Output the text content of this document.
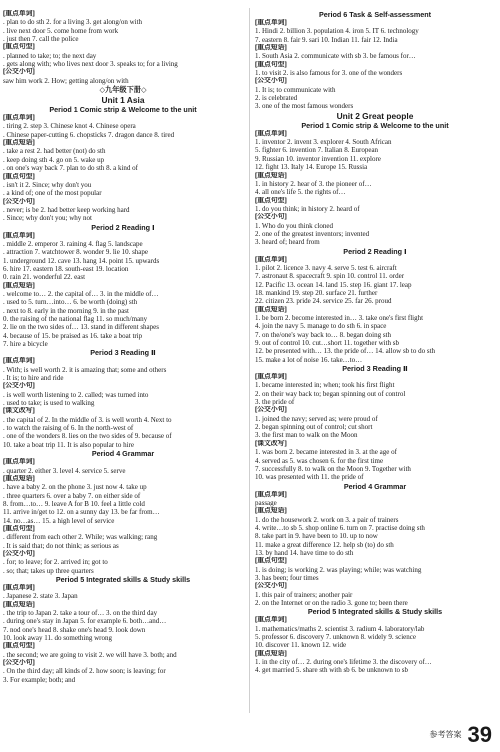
[重点单词]
. plan to do sth 2. for a living 3. get along/on with
. live next door 5. come home from work
. just then 7. call the police
[重点句型]
. planned to take; to; the next day
. gets along with; who lives next door 3. speaks to; for a living
[公交小句]
saw him work 2. How; getting along/on with
◇九年级下册◇
Unit 1 Asia
Period 1 Comic strip & Welcome to the unit
[重点单词]
. tiring 2. step 3. Chinese knot 4. Chinese opera
. Chinese paper-cutting 6. chopsticks 7. dragon dance 8. tired
[重点短语]
. take a rest 2. had better (not) do sth
. keep doing sth 4. go on 5. wake up
. on one's way back 7. plan to do sth 8. a kind of
[重点句型]
. isn't it 2. Since; why don't you
. a kind of; one of the most popular
[公交小句]
. never; is be 2. had better keep working hard
. Since; why don't you; why not
Period 2 Reading Ⅰ
[重点单词]
. middle 2. emperor 3. raining 4. flag 5. landscape
. attraction 7. watchtower 8. wonder 9. lie 10. shape
1. underground 12. cave 13. hang 14. point 15. upwards
6. hire 17. eastern 18. south-east 19. location
0. rain 21. wonderful 22. east
[重点短语]
. welcome to… 2. the capital of… 3. in the middle of…
. used to 5. turn…into… 6. be worth (doing) sth
. next to 8. early in the morning 9. in the past
0. the raising of the national flag 11. so much/many
2. lie on the two sides of… 13. stand in different shapes
4. because of 15. be praised as 16. take a boat trip
7. hire a bicycle
Period 3 Reading Ⅱ
[重点单词]
. With; is well worth 2. it is amazing that; some and others
. It is; to hire and ride
[公交小句]
. is well worth listening to 2. called; was turned into
. used to take; is used to walking
[课文改写]
. the capital of 2. In the middle of 3. is well worth 4. Next to
. to watch the raising of 6. In the north-west of
. one of the wonders 8. lies on the two sides of 9. because of
10. take a boat trip 11. It is also popular to hire
Period 4 Grammar
[重点单词]
. quarter 2. either 3. level 4. service 5. serve
[重点短语]
. have a baby 2. on the phone 3. just now 4. take up
. three quarters 6. over a baby 7. on either side of
8. from…to… 9. leave A for B 10. feel a little cold
11. arrive in/get to 12. on a sunny day 13. be far from…
14. no…as… 15. a high level of service
[重点句型]
. different from each other 2. While; was walking; rang
. It is said that; do not think; as serious as
[公交小句]
. for; to leave; for 2. arrived in; got to
. so; that; takes up three quarters
Period 5 Integrated skills & Study skills
[重点单词]
. Japanese 2. state 3. Japan
[重点短语]
. the trip to Japan 2. take a tour of… 3. on the third day
. during one's stay in Japan 5. for example 6. both…and…
7. nod one's head 8. shake one's head 9. look down
10. look away 11. do something wrong
[重点句型]
. the second; we are going to visit 2. we will have 3. both; and
[公交小句]
. On the third day; all kinds of 2. how soon; is leaving; for
3. For example; both; and
Period 6 Task & Self-assessment
[重点单词]
1. Hindi 2. billion 3. population 4. iron 5. IT 6. technology
7. eastern 8. fair 9. sari 10. Indian 11. fair 12. India
[重点短语]
1. South Asia 2. communicate with sb 3. be famous for…
[重点句型]
1. to visit 2. is also famous for 3. one of the wonders
[公交小句]
1. It is; to communicate with
2. is celebrated
3. one of the most famous wonders
Unit 2 Great people
Period 1 Comic strip & Welcome to the unit
[重点单词]
1. inventor 2. invent 3. explorer 4. South African
5. fighter 6. invention 7. Italian 8. European
9. Russian 10. inventor invention 11. explore
12. fight 13. Italy 14. Europe 15. Russia
[重点短语]
1. in history 2. hear of 3. the pioneer of…
4. all one's life 5. the rights of…
[重点句型]
1. do you think; in history 2. heard of
[公交小句]
1. Who do you think cloned
2. one of the greatest inventors; invented
3. heard of; heard from
Period 2 Reading Ⅰ
[重点单词]
1. pilot 2. licence 3. navy 4. serve 5. test 6. aircraft
7. astronaut 8. spacecraft 9. spin 10. control 11. order
12. Pacific 13. ocean 14. land 15. step 16. giant 17. leap
18. mankind 19. step 20. surface 21. further
22. citizen 23. pride 24. service 25. far 26. proud
[重点短语]
1. be born 2. become interested in… 3. take one's first flight
4. join the navy 5. manage to do sth 6. in space
7. on the/one's way back to… 8. began doing sth
9. out of control 10. cut…short 11. together with sb
12. be presented with… 13. the pride of… 14. allow sb to do sth
15. make a lot of noise 16. take…to…
Period 3 Reading Ⅱ
[重点单词]
1. became interested in; when; took his first flight
2. on their way back to; began spinning out of control
3. the pride of
[公交小句]
1. joined the navy; served as; were proud of
2. began spinning out of control; cut short
3. the first man to walk on the Moon
[课文改写]
1. was born 2. became interested in 3. at the age of
4. served as 5. was chosen 6. for the first time
7. successfully 8. to walk on the Moon 9. Together with
10. was presented with 11. the pride of
Period 4 Grammar
[重点单词]
passage
[重点短语]
1. do the housework 2. work on 3. a pair of trainers
4. write…to sb 5. shop online 6. turn on 7. practise doing sth
8. take part in 9. have been to 10. up to now
11. make a great difference 12. help sb (to) do sth
13. by hand 14. have time to do sth
[重点句型]
1. is doing; is working 2. was playing; while; was watching
3. has been; four times
[公交小句]
1. this pair of trainers; another pair
2. on the Internet or on the radio 3. gone to; been there
Period 5 Integrated skills & Study skills
[重点单词]
1. mathematics/maths 2. scientist 3. radium 4. laboratory/lab
5. professor 6. discovery 7. unknown 8. widely 9. science
10. discover 11. known 12. wide
[重点短语]
1. in the city of… 2. during one's lifetime 3. the discovery of…
4. get married 5. share sth with sb 6. be unknown to sb
参考答案 39
